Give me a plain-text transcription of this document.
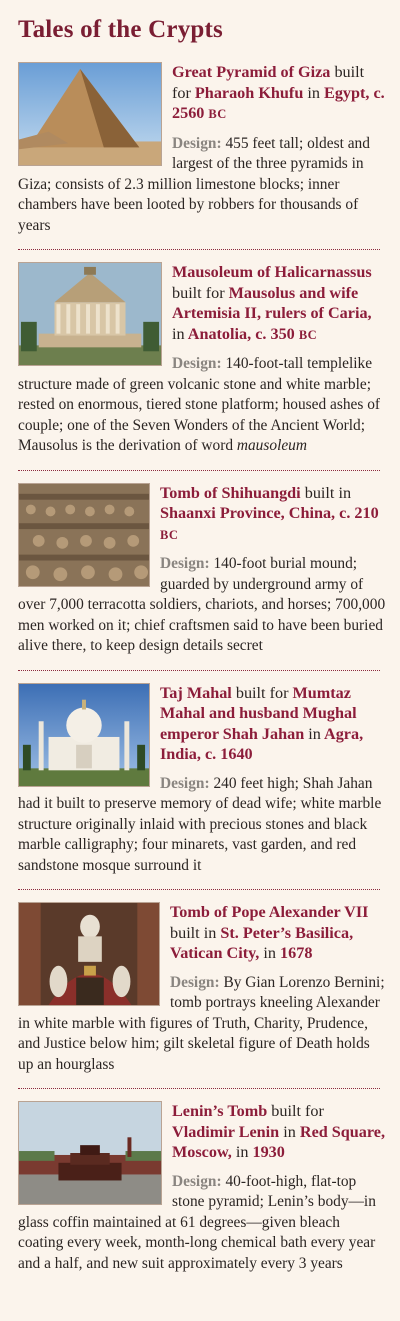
Tales of the Crypts
Great Pyramid of Giza built for Pharaoh Khufu in Egypt, c. 2560 BC
Design: 455 feet tall; oldest and largest of the three pyramids in Giza; consists of 2.3 million limestone blocks; inner chambers have been looted by robbers for thousands of years
Mausoleum of Halicarnassus built for Mausolus and wife Artemisia II, rulers of Caria, in Anatolia, c. 350 BC
Design: 140-foot-tall templelike structure made of green volcanic stone and white marble; rested on enormous, tiered stone platform; housed ashes of couple; one of the Seven Wonders of the Ancient World; Mausolus is the derivation of word mausoleum
Tomb of Shihuangdi built in Shaanxi Province, China, c. 210 BC
Design: 140-foot burial mound; guarded by underground army of over 7,000 terracotta soldiers, chariots, and horses; 700,000 men worked on it; chief craftsmen said to have been buried alive there, to keep design details secret
Taj Mahal built for Mumtaz Mahal and husband Mughal emperor Shah Jahan in Agra, India, c. 1640
Design: 240 feet high; Shah Jahan had it built to preserve memory of dead wife; white marble structure originally inlaid with precious stones and black marble calligraphy; four minarets, vast garden, and red sandstone mosque surround it
Tomb of Pope Alexander VII built in St. Peter’s Basilica, Vatican City, in 1678
Design: By Gian Lorenzo Bernini; tomb portrays kneeling Alexander in white marble with figures of Truth, Charity, Prudence, and Justice below him; gilt skeletal figure of Death holds up an hourglass
Lenin’s Tomb built for Vladimir Lenin in Red Square, Moscow, in 1930
Design: 40-foot-high, flat-top stone pyramid; Lenin’s body—in glass coffin maintained at 61 degrees—given bleach coating every week, month-long chemical bath every year and a half, and new suit approximately every 3 years
